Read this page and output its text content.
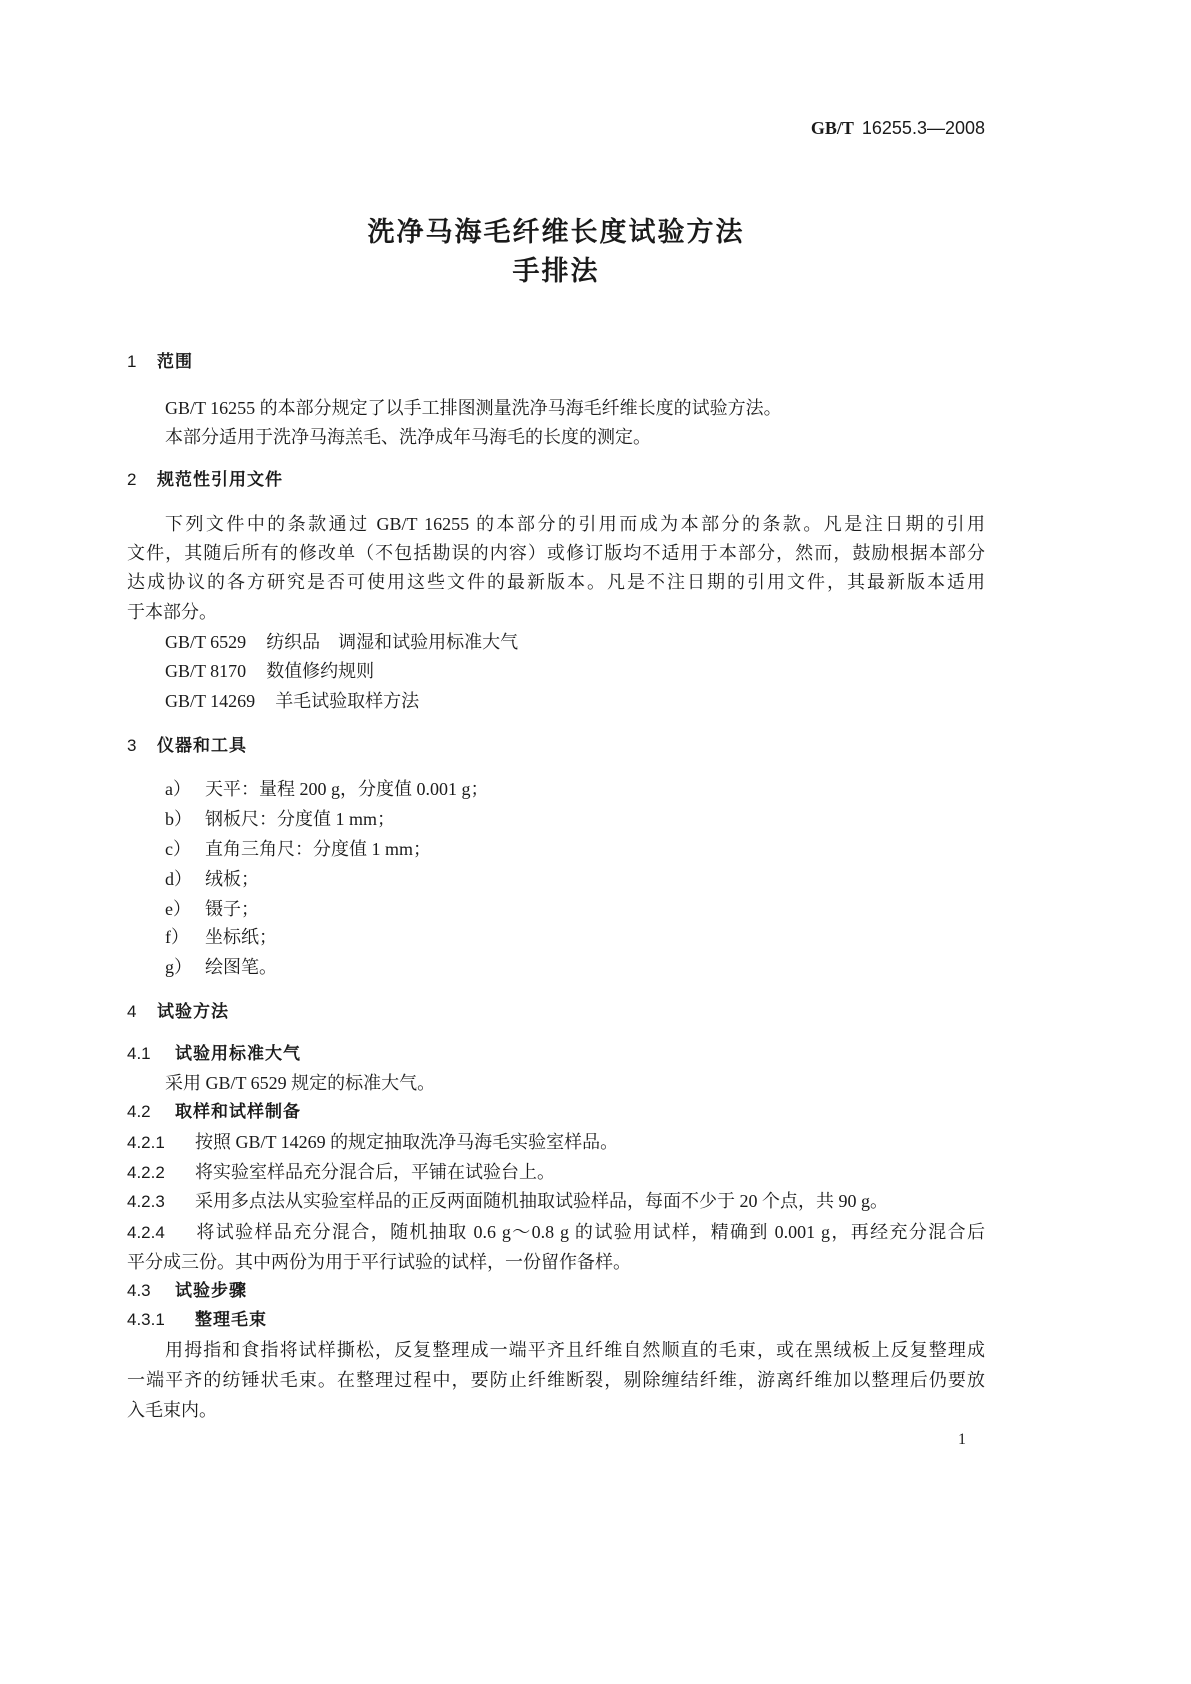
GB/T 16255.3—2008
洗净马海毛纤维长度试验方法
手排法
1 范围
GB/T 16255 的本部分规定了以手工排图测量洗净马海毛纤维长度的试验方法。
本部分适用于洗净马海羔毛、洗净成年马海毛的长度的测定。
2 规范性引用文件
下列文件中的条款通过 GB/T 16255 的本部分的引用而成为本部分的条款。凡是注日期的引用
文件，其随后所有的修改单（不包括勘误的内容）或修订版均不适用于本部分，然而，鼓励根据本部分
达成协议的各方研究是否可使用这些文件的最新版本。凡是不注日期的引用文件，其最新版本适用
于本部分。
GB/T 6529 纺织品　调湿和试验用标准大气
GB/T 8170 数值修约规则
GB/T 14269 羊毛试验取样方法
3 仪器和工具
a） 天平：量程 200 g，分度值 0.001 g；
b） 钢板尺：分度值 1 mm；
c） 直角三角尺：分度值 1 mm；
d） 绒板；
e） 镊子；
f） 坐标纸；
g） 绘图笔。
4 试验方法
4.1 试验用标准大气
采用 GB/T 6529 规定的标准大气。
4.2 取样和试样制备
4.2.1 按照 GB/T 14269 的规定抽取洗净马海毛实验室样品。
4.2.2 将实验室样品充分混合后，平铺在试验台上。
4.2.3 采用多点法从实验室样品的正反两面随机抽取试验样品，每面不少于 20 个点，共 90 g。
4.2.4 将试验样品充分混合，随机抽取 0.6 g～0.8 g 的试验用试样，精确到 0.001 g，再经充分混合后
平分成三份。其中两份为用于平行试验的试样，一份留作备样。
4.3 试验步骤
4.3.1 整理毛束
用拇指和食指将试样撕松，反复整理成一端平齐且纤维自然顺直的毛束，或在黑绒板上反复整理成
一端平齐的纺锤状毛束。在整理过程中，要防止纤维断裂，剔除缠结纤维，游离纤维加以整理后仍要放
入毛束内。
1
